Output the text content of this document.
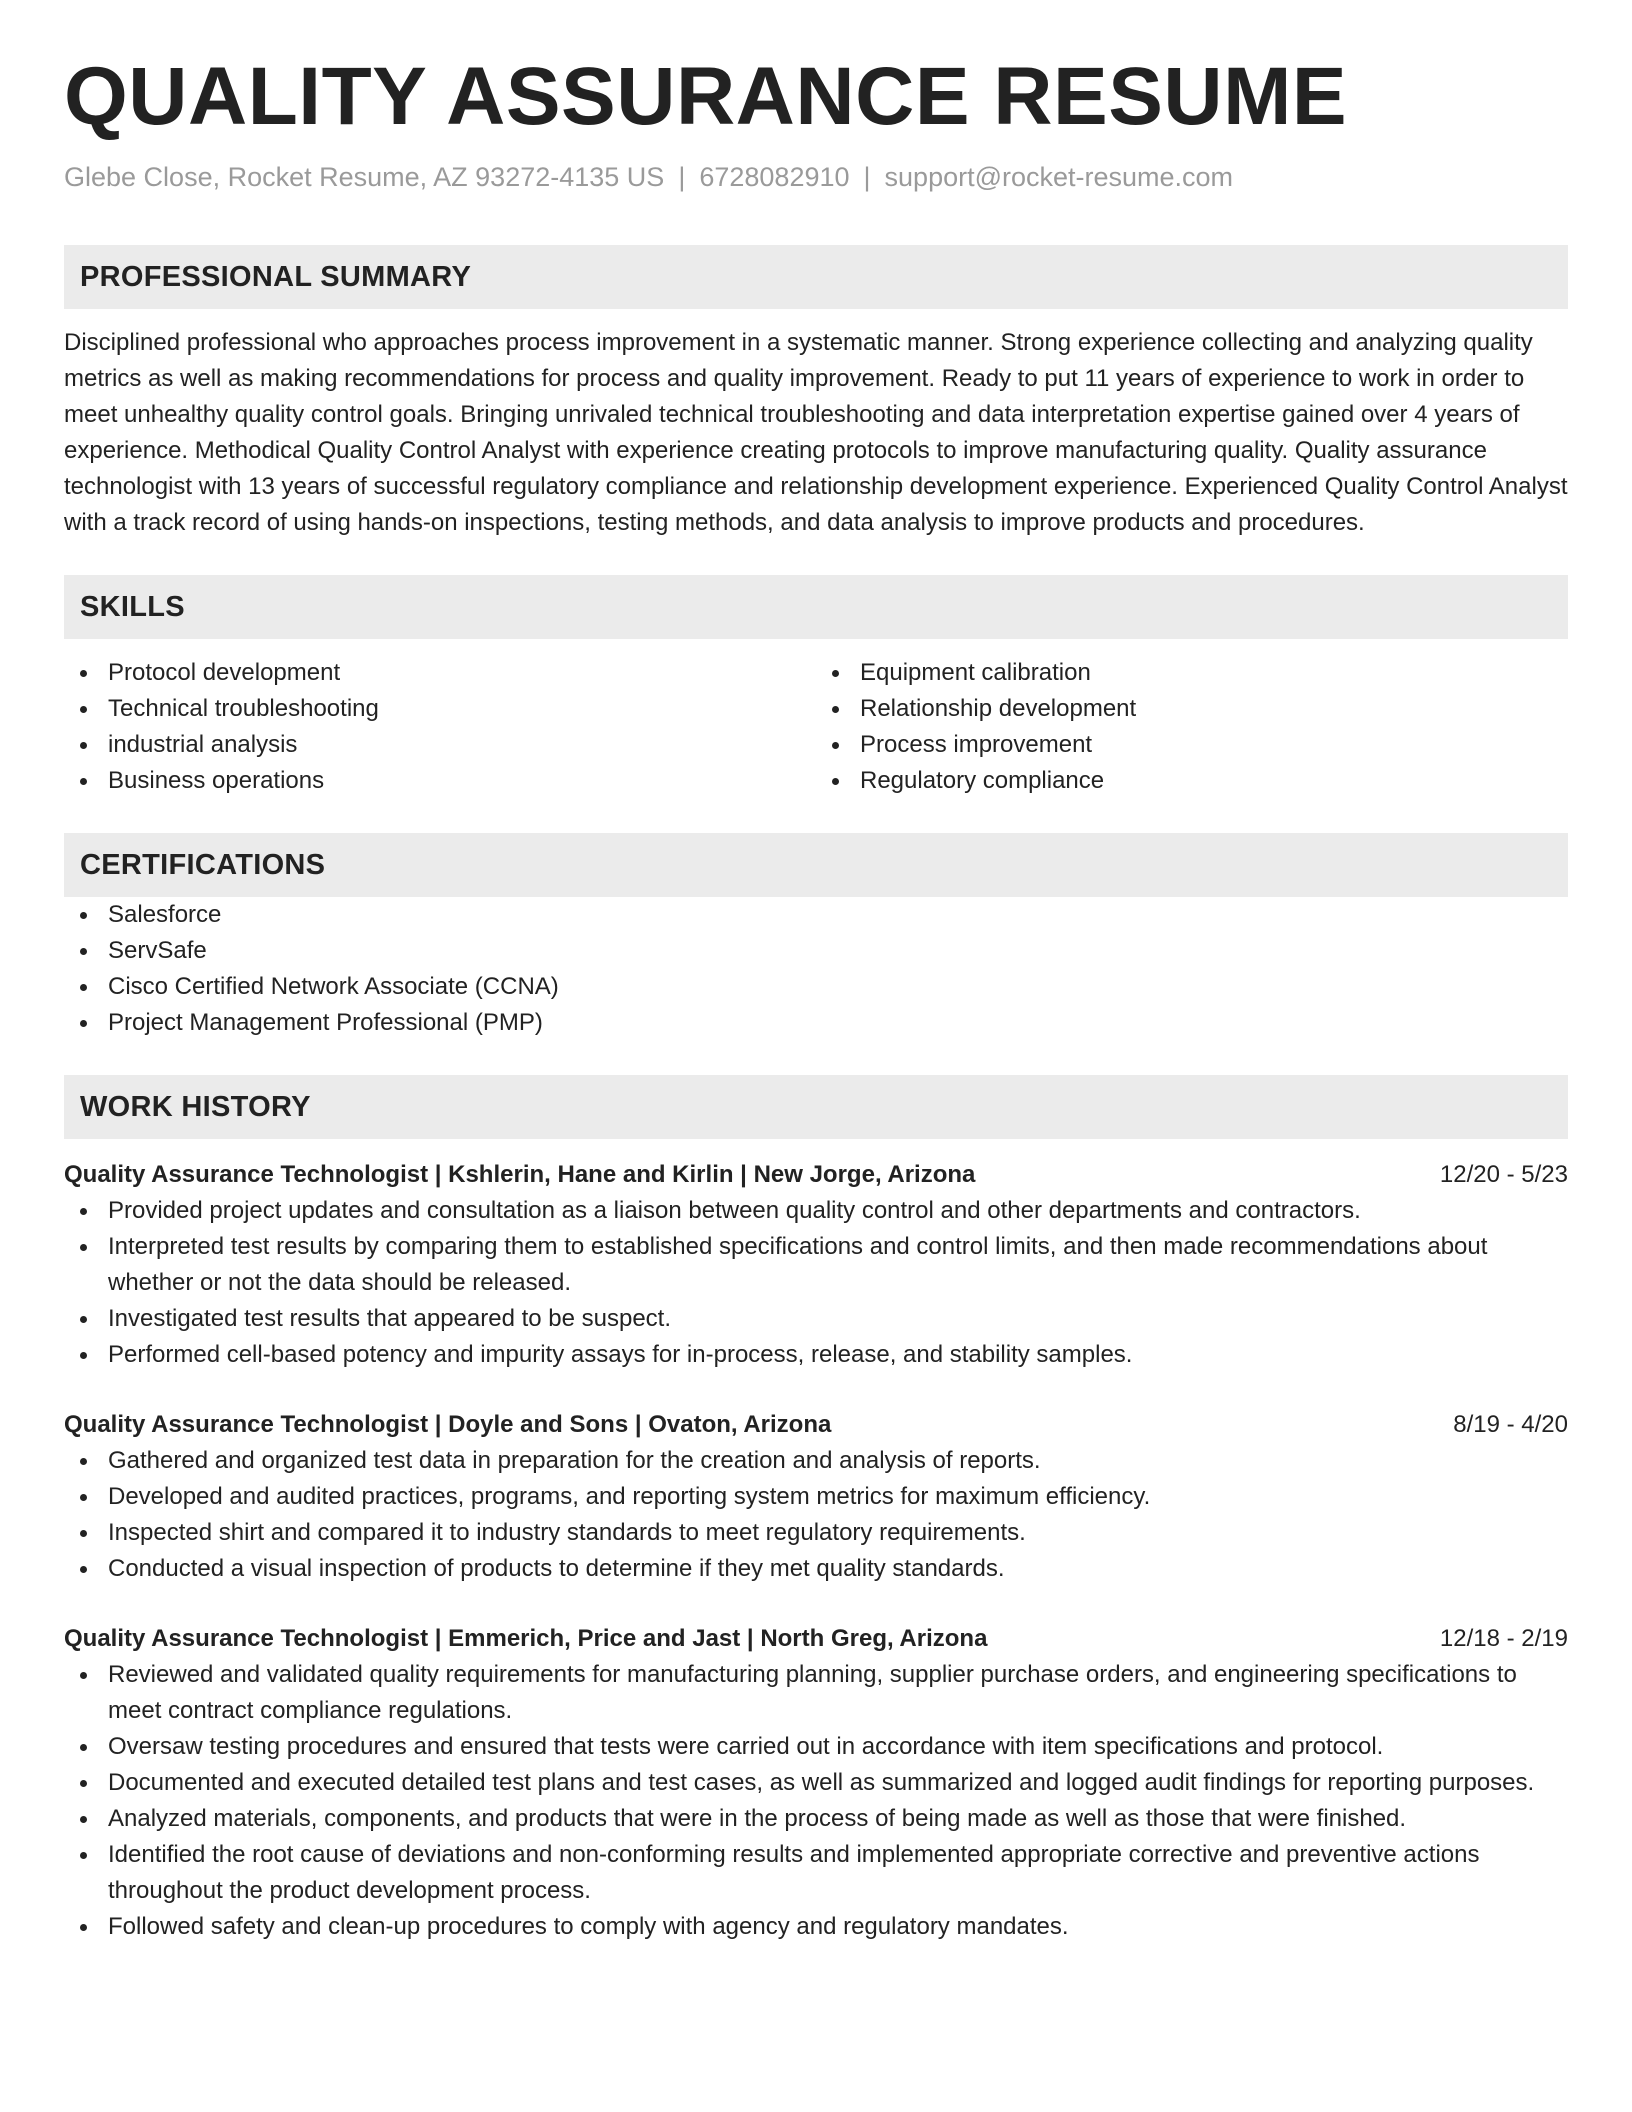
QUALITY ASSURANCE RESUME
Glebe Close, Rocket Resume, AZ 93272-4135 US | 6728082910 | support@rocket-resume.com
PROFESSIONAL SUMMARY

Disciplined professional who approaches process improvement in a systematic manner. Strong experience collecting and analyzing quality metrics as well as making recommendations for process and quality improvement. Ready to put 11 years of experience to work in order to meet unhealthy quality control goals. Bringing unrivaled technical troubleshooting and data interpretation expertise gained over 4 years of experience. Methodical Quality Control Analyst with experience creating protocols to improve manufacturing quality. Quality assurance technologist with 13 years of successful regulatory compliance and relationship development experience. Experienced Quality Control Analyst with a track record of using hands-on inspections, testing methods, and data analysis to improve products and procedures.

SKILLS
Protocol development
Technical troubleshooting
industrial analysis
Business operations
Equipment calibration
Relationship development
Process improvement
Regulatory compliance
CERTIFICATIONS
Salesforce
ServSafe
Cisco Certified Network Associate (CCNA)
Project Management Professional (PMP)
WORK HISTORY
Quality Assurance Technologist | Kshlerin, Hane and Kirlin | New Jorge, Arizona	12/20 - 5/23
Provided project updates and consultation as a liaison between quality control and other departments and contractors.
Interpreted test results by comparing them to established specifications and control limits, and then made recommendations about whether or not the data should be released.
Investigated test results that appeared to be suspect.
Performed cell-based potency and impurity assays for in-process, release, and stability samples.
Quality Assurance Technologist | Doyle and Sons | Ovaton, Arizona	8/19 - 4/20
Gathered and organized test data in preparation for the creation and analysis of reports.
Developed and audited practices, programs, and reporting system metrics for maximum efficiency.
Inspected shirt and compared it to industry standards to meet regulatory requirements.
Conducted a visual inspection of products to determine if they met quality standards.
Quality Assurance Technologist | Emmerich, Price and Jast | North Greg, Arizona	12/18 - 2/19
Reviewed and validated quality requirements for manufacturing planning, supplier purchase orders, and engineering specifications to meet contract compliance regulations.
Oversaw testing procedures and ensured that tests were carried out in accordance with item specifications and protocol.
Documented and executed detailed test plans and test cases, as well as summarized and logged audit findings for reporting purposes.
Analyzed materials, components, and products that were in the process of being made as well as those that were finished.
Identified the root cause of deviations and non-conforming results and implemented appropriate corrective and preventive actions throughout the product development process.
Followed safety and clean-up procedures to comply with agency and regulatory mandates.
